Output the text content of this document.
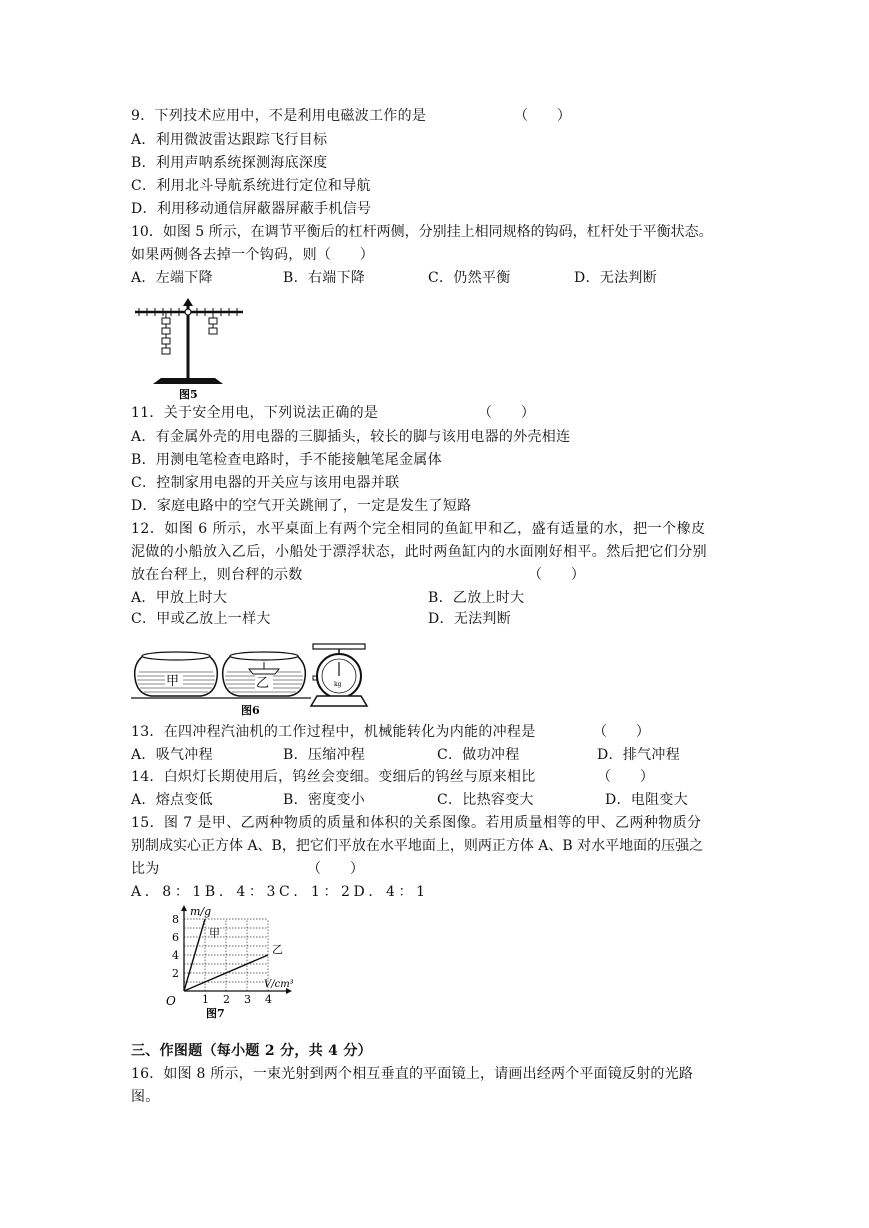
9．下列技术应用中，不是利用电磁波工作的是	（　　）
A．利用微波雷达跟踪飞行目标
B．利用声呐系统探测海底深度
C．利用北斗导航系统进行定位和导航
D．利用移动通信屏蔽器屏蔽手机信号
10．如图 5 所示，在调节平衡后的杠杆两侧，分别挂上相同规格的钩码，杠杆处于平衡状态。
如果两侧各去掉一个钩码，则（　　）
A．左端下降	B．右端下降	C．仍然平衡	D．无法判断
图5
11．关于安全用电，下列说法正确的是	（　　）
A．有金属外壳的用电器的三脚插头，较长的脚与该用电器的外壳相连
B．用测电笔检查电路时，手不能接触笔尾金属体
C．控制家用电器的开关应与该用电器并联
D．家庭电路中的空气开关跳闸了，一定是发生了短路
12．如图 6 所示，水平桌面上有两个完全相同的鱼缸甲和乙，盛有适量的水，把一个橡皮
泥做的小船放入乙后，小船处于漂浮状态，此时两鱼缸内的水面刚好相平。然后把它们分别
放在台秤上，则台秤的示数	（　　）
A．甲放上时大	B．乙放上时大
C．甲或乙放上一样大	D．无法判断
甲	乙	kg
图6
13．在四冲程汽油机的工作过程中，机械能转化为内能的冲程是	（　　）
A．吸气冲程	B．压缩冲程	C．做功冲程	D．排气冲程
14．白炽灯长期使用后，钨丝会变细。变细后的钨丝与原来相比	（　　）
A．熔点变低	B．密度变小	C．比热容变大	D．电阻变大
15．图 7 是甲、乙两种物质的质量和体积的关系图像。若用质量相等的甲、乙两种物质分
别制成实心正方体 A、B，把它们平放在水平地面上，则两正方体 A、B 对水平地面的压强之
比为	（　　）
A．8：1B．4：3C．1：2D．4：1
甲
乙
1 2 3 4
2
4
6
8
m/g
V/cm³
O
图7
三、作图题（每小题 2 分，共 4 分）
16．如图 8 所示，一束光射到两个相互垂直的平面镜上，请画出经两个平面镜反射的光路
图。
